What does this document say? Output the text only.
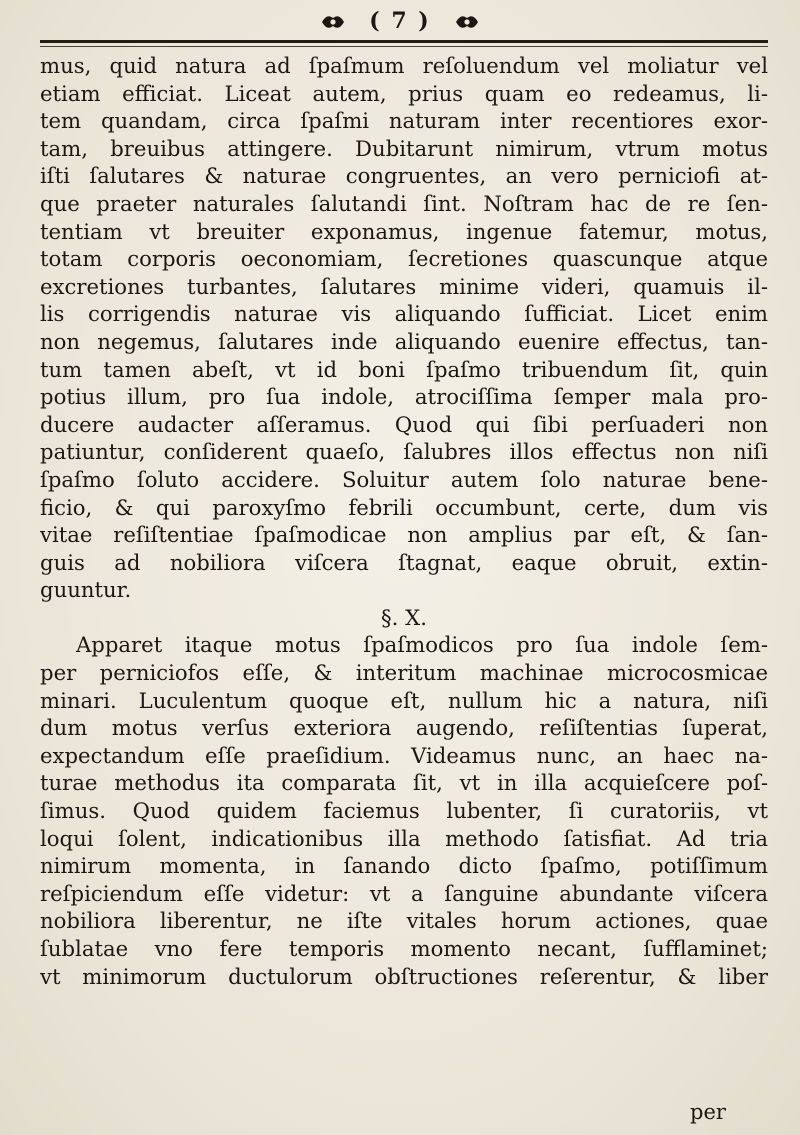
( 7 )
mus, quid natura ad ſpaſmum reſoluendum vel moliatur vel
etiam efficiat. Liceat autem, prius quam eo redeamus, li-
tem quandam, circa ſpaſmi naturam inter recentiores exor-
tam, breuibus attingere. Dubitarunt nimirum, vtrum motus
iſti ſalutares & naturae congruentes, an vero perniciofi at-
que praeter naturales ſalutandi ſint. Noſtram hac de re ſen-
tentiam vt breuiter exponamus, ingenue fatemur, motus,
totam corporis oeconomiam, ſecretiones quascunque atque
excretiones turbantes, ſalutares minime videri, quamuis il-
lis corrigendis naturae vis aliquando ſufficiat. Licet enim
non negemus, ſalutares inde aliquando euenire effectus, tan-
tum tamen abeſt, vt id boni ſpaſmo tribuendum ſit, quin
potius illum, pro ſua indole, atrociſſima ſemper mala pro-
ducere audacter aſſeramus. Quod qui ſibi perſuaderi non
patiuntur, conſiderent quaeſo, ſalubres illos effectus non niſi
ſpaſmo ſoluto accidere. Soluitur autem ſolo naturae bene-
ficio, & qui paroxyſmo febrili occumbunt, certe, dum vis
vitae reſiſtentiae ſpaſmodicae non amplius par eſt, & ſan-
guis ad nobiliora viſcera ſtagnat, eaque obruit, extin-
guuntur.
§. X.
Apparet itaque motus ſpaſmodicos pro ſua indole ſem-
per perniciofos eſſe, & interitum machinae microcosmicae
minari. Luculentum quoque eſt, nullum hic a natura, niſi
dum motus verſus exteriora augendo, reſiſtentias ſuperat,
expectandum eſſe praeſidium. Videamus nunc, an haec na-
turae methodus ita comparata ſit, vt in illa acquieſcere poſ-
ſimus. Quod quidem faciemus lubenter, ſi curatoriis, vt
loqui ſolent, indicationibus illa methodo ſatisfiat. Ad tria
nimirum momenta, in ſanando dicto ſpaſmo, potiſſimum
reſpiciendum eſſe videtur: vt a ſanguine abundante viſcera
nobiliora liberentur, ne iſte vitales horum actiones, quae
ſublatae vno fere temporis momento necant, ſufflaminet;
vt minimorum ductulorum obſtructiones reſerentur, & liber
per
